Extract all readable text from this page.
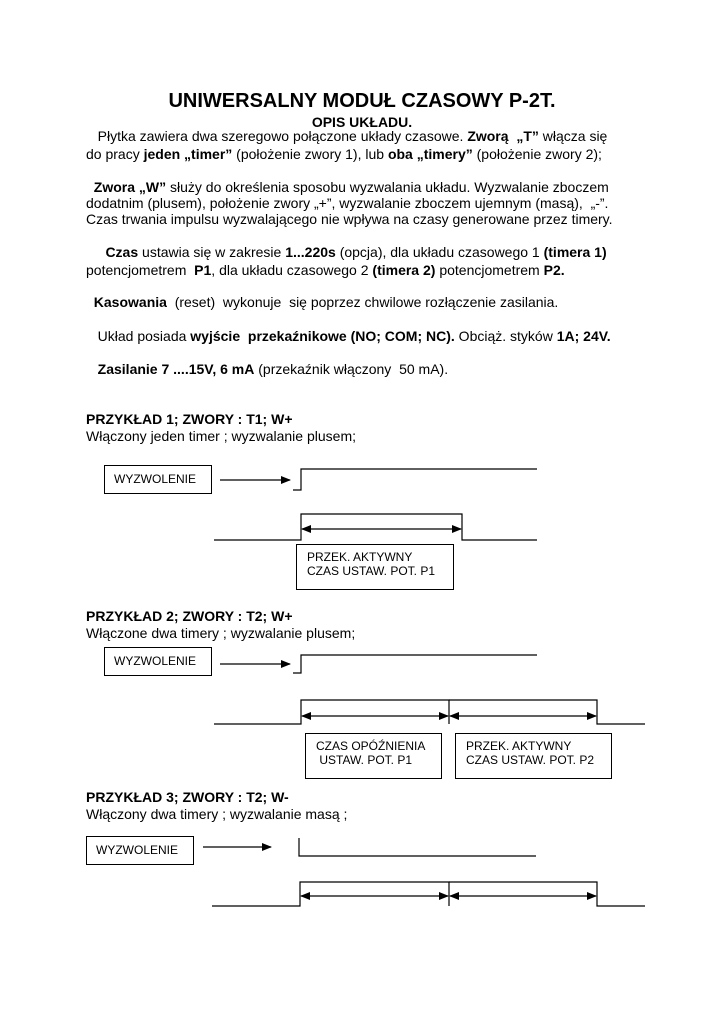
UNIWERSALNY MODUŁ CZASOWY P-2T.
OPIS UKŁADU.
Płytka zawiera dwa szeregowo połączone układy czasowe. Zworą  „T” włącza się
do pracy jeden „timer” (położenie zwory 1), lub oba „timery” (położenie zwory 2);
Zwora „W” służy do określenia sposobu wyzwalania układu. Wyzwalanie zboczem
dodatnim (plusem), położenie zwory „+”, wyzwalanie zboczem ujemnym (masą),  „-”.
Czas trwania impulsu wyzwalającego nie wpływa na czasy generowane przez timery.
Czas ustawia się w zakresie 1...220s (opcja), dla układu czasowego 1 (timera 1)
potencjometrem  P1, dla układu czasowego 2 (timera 2) potencjometrem P2.
Kasowania  (reset)  wykonuje  się poprzez chwilowe rozłączenie zasilania.
Układ posiada wyjście  przekaźnikowe (NO; COM; NC). Obciąż. styków 1A; 24V.
Zasilanie 7 ....15V, 6 mA (przekaźnik włączony  50 mA).
PRZYKŁAD 1; ZWORY : T1; W+
Włączony jeden timer ; wyzwalanie plusem;
WYZWOLENIE
PRZEK. AKTYWNY
CZAS USTAW. POT. P1
PRZYKŁAD 2; ZWORY : T2; W+
Włączone dwa timery ; wyzwalanie plusem;
WYZWOLENIE
CZAS OPÓŹNIENIA
USTAW. POT. P1
PRZEK. AKTYWNY
CZAS USTAW. POT. P2
PRZYKŁAD 3; ZWORY : T2; W-
Włączony dwa timery ; wyzwalanie masą ;
WYZWOLENIE
